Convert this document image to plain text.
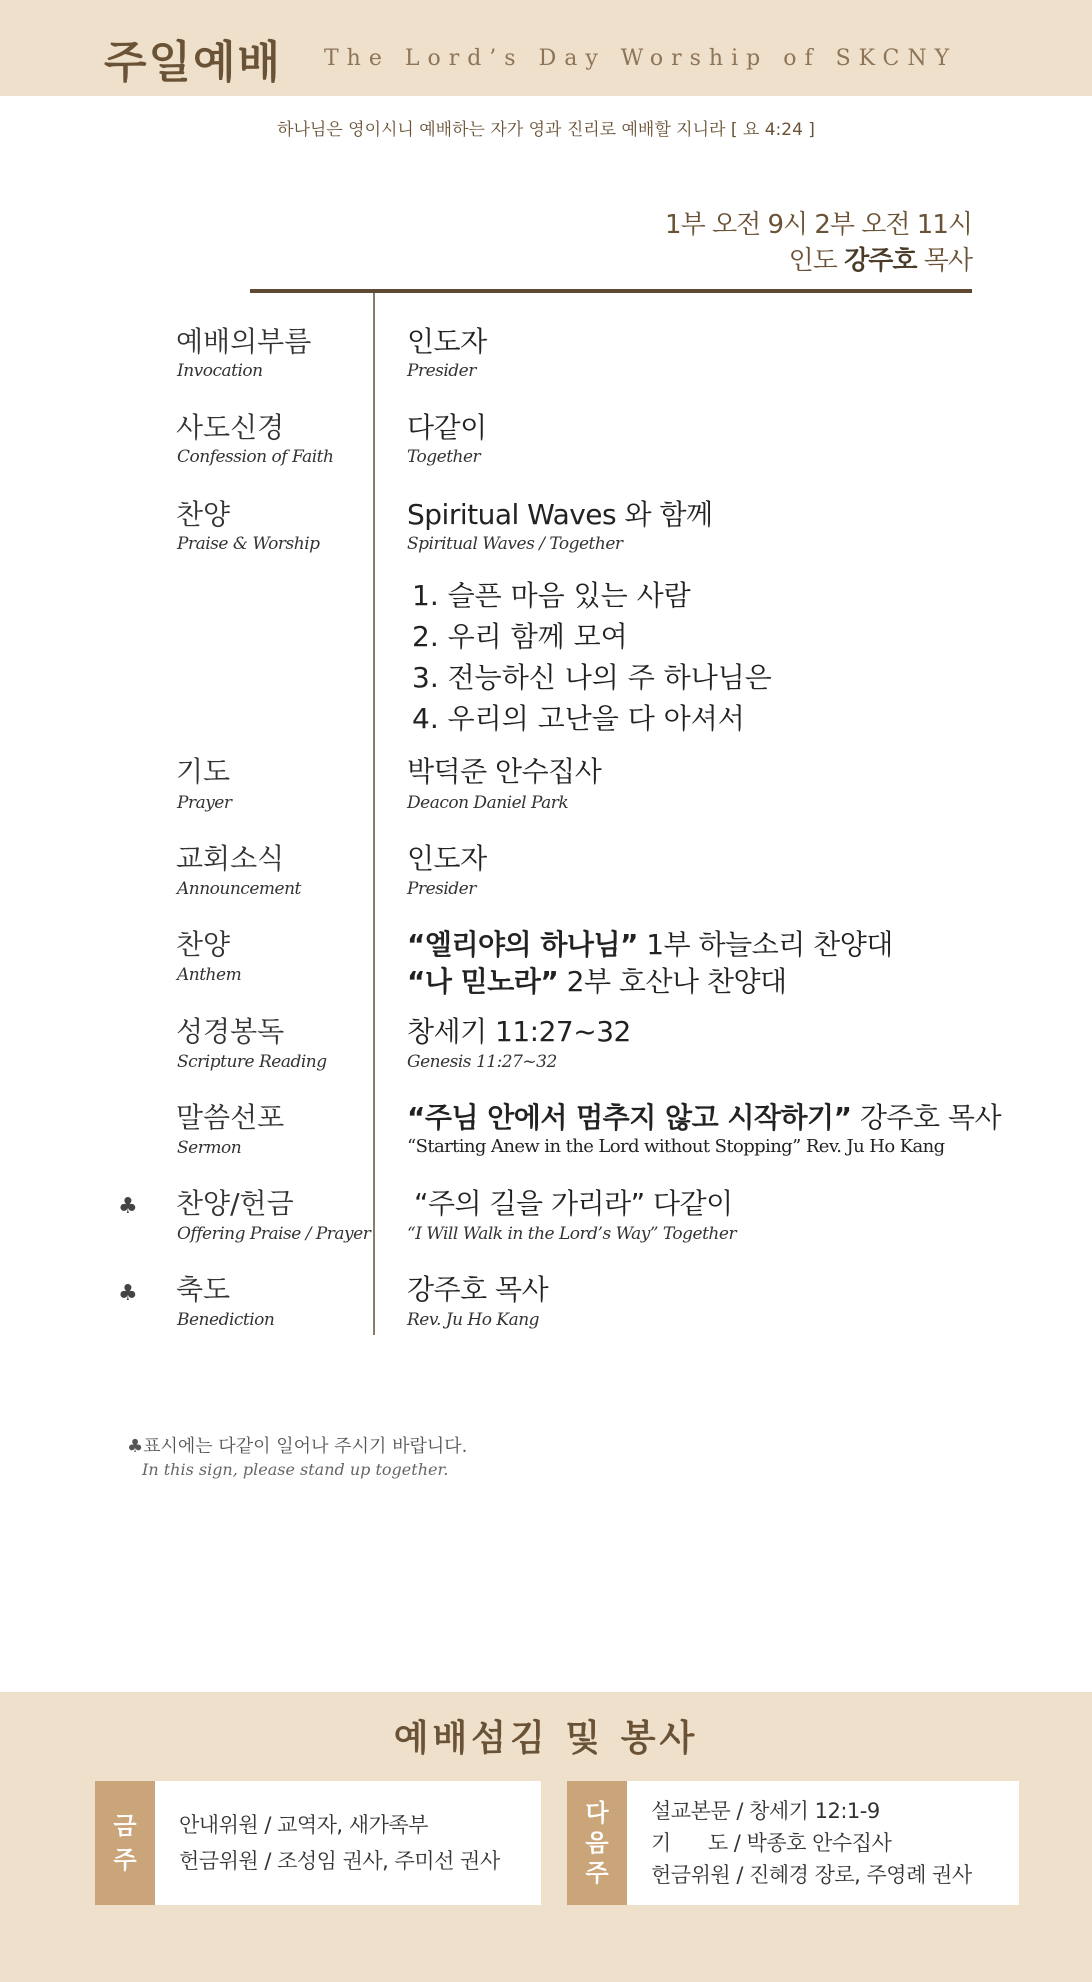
주일예배 The Lord’s Day Worship of SKCNY
하나님은 영이시니 예배하는 자가 영과 진리로 예배할 지니라 [ 요 4:24 ]
1부 오전 9시 2부 오전 11시
인도 강주호 목사
예배의부름
Invocation
인도자
Presider
사도신경
Confession of Faith
다같이
Together
찬양
Praise & Worship
Spiritual Waves 와 함께
Spiritual Waves / Together
1. 슬픈 마음 있는 사람
2. 우리 함께 모여
3. 전능하신 나의 주 하나님은
4. 우리의 고난을 다 아셔서
기도
Prayer
박덕준 안수집사
Deacon Daniel Park
교회소식
Announcement
인도자
Presider
찬양
Anthem
“엘리야의 하나님” 1부 하늘소리 찬양대
“나 믿노라” 2부 호산나 찬양대
성경봉독
Scripture Reading
창세기 11:27~32
Genesis 11:27~32
말씀선포
Sermon
“주님 안에서 멈추지 않고 시작하기” 강주호 목사
“Starting Anew in the Lord without Stopping” Rev. Ju Ho Kang
♣ 찬양/헌금
Offering Praise / Prayer
“주의 길을 가리라” 다같이
“I Will Walk in the Lord’s Way” Together
♣ 축도
Benediction
강주호 목사
Rev. Ju Ho Kang
♣표시에는 다같이 일어나 주시기 바랍니다.
In this sign, please stand up together.
예배섬김 및 봉사
금
주
안내위원 / 교역자, 새가족부
헌금위원 / 조성임 권사, 주미선 권사
다
음
주
설교본문 / 창세기 12:1-9
기      도 / 박종호 안수집사
헌금위원 / 진혜경 장로, 주영례 권사
